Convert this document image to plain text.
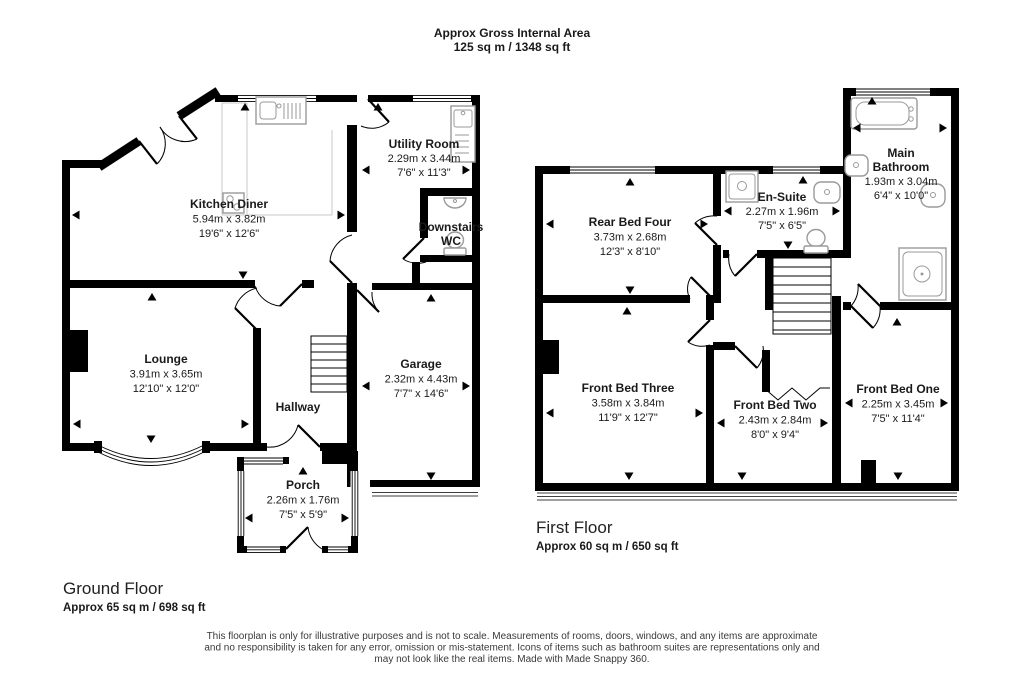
Approx Gross Internal Area
125 sq m / 1348 sq ft
Kitchen Diner
5.94m x 3.82m
19'6" x 12'6"
Utility Room
2.29m x 3.44m
7'6" x 11'3"
Downstairs
WC
Lounge
3.91m x 3.65m
12'10" x 12'0"
Hallway
Garage
2.32m x 4.43m
7'7" x 14'6"
Porch
2.26m x 1.76m
7'5" x 5'9"
Ground Floor
Approx 65 sq m / 698 sq ft
Rear Bed Four
3.73m x 2.68m
12'3" x 8'10"
En-Suite
2.27m x 1.96m
7'5" x 6'5"
Main
Bathroom
1.93m x 3.04m
6'4" x 10'0"
Front Bed Three
3.58m x 3.84m
11'9" x 12'7"
Front Bed Two
2.43m x 2.84m
8'0" x 9'4"
Front Bed One
2.25m x 3.45m
7'5" x 11'4"
First Floor
Approx 60 sq m / 650 sq ft
This floorplan is only for illustrative purposes and is not to scale. Measurements of rooms, doors, windows, and any items are approximate
and no responsibility is taken for any error, omission or mis-statement. Icons of items such as bathroom suites are representations only and
may not look like the real items. Made with Made Snappy 360.
